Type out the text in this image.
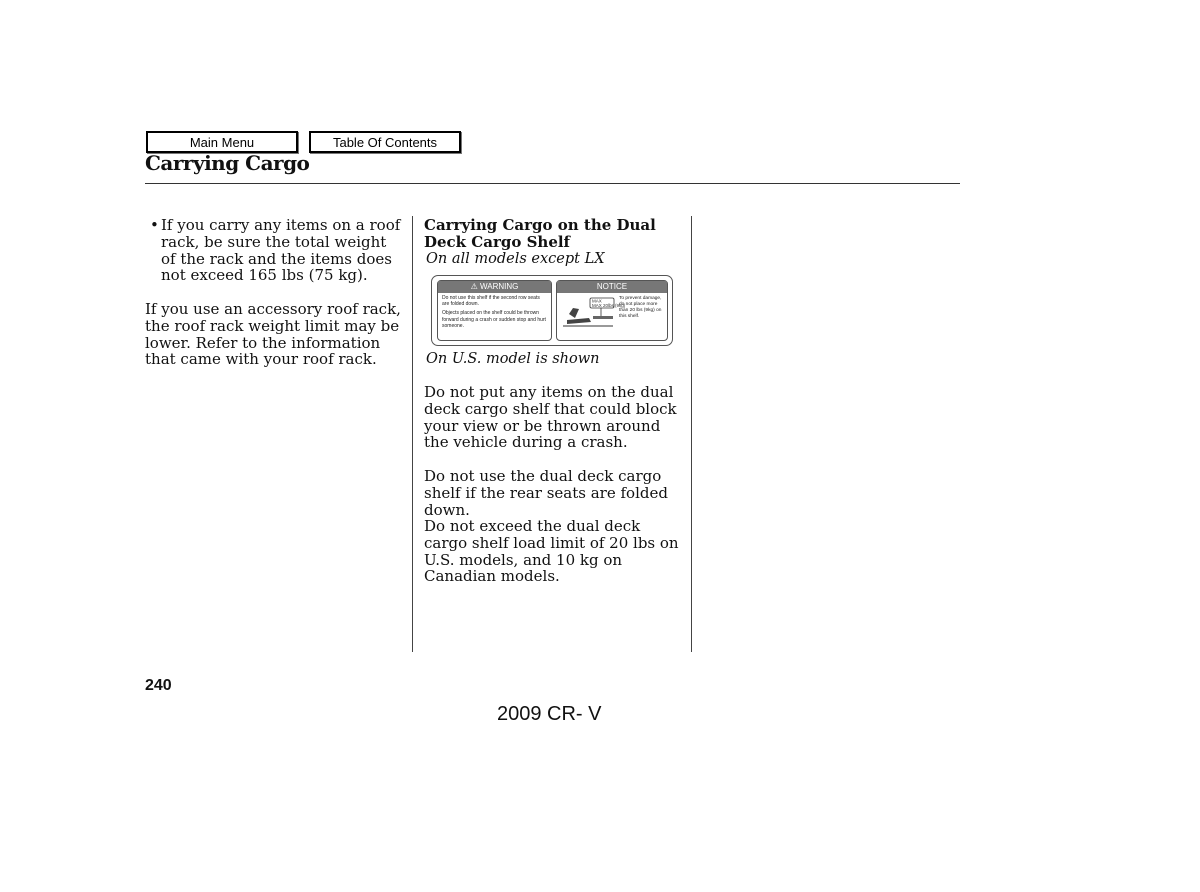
Main Menu	Table Of Contents
Carrying Cargo
• If you carry any items on a roof rack, be sure the total weight of the rack and the items does not exceed 165 lbs (75 kg).

If you use an accessory roof rack, the roof rack weight limit may be lower. Refer to the information that came with your roof rack.

Carrying Cargo on the Dual Deck Cargo Shelf

On all models except LX

⚠ WARNING

Do not use this shelf if the second row seats are folded down.

Objects placed on the shelf could be thrown forward during a crash or sudden stop and hurt someone.

NOTICE
MAX
MAX 20lbs (9kg)
To prevent damage, do not place more than 20 lbs (9kg) on this shelf.

On U.S. model is shown

Do not put any items on the dual deck cargo shelf that could block your view or be thrown around the vehicle during a crash.

Do not use the dual deck cargo shelf if the rear seats are folded down.

Do not exceed the dual deck cargo shelf load limit of 20 lbs on U.S. models, and 10 kg on Canadian models.

240
2009 CR- V
